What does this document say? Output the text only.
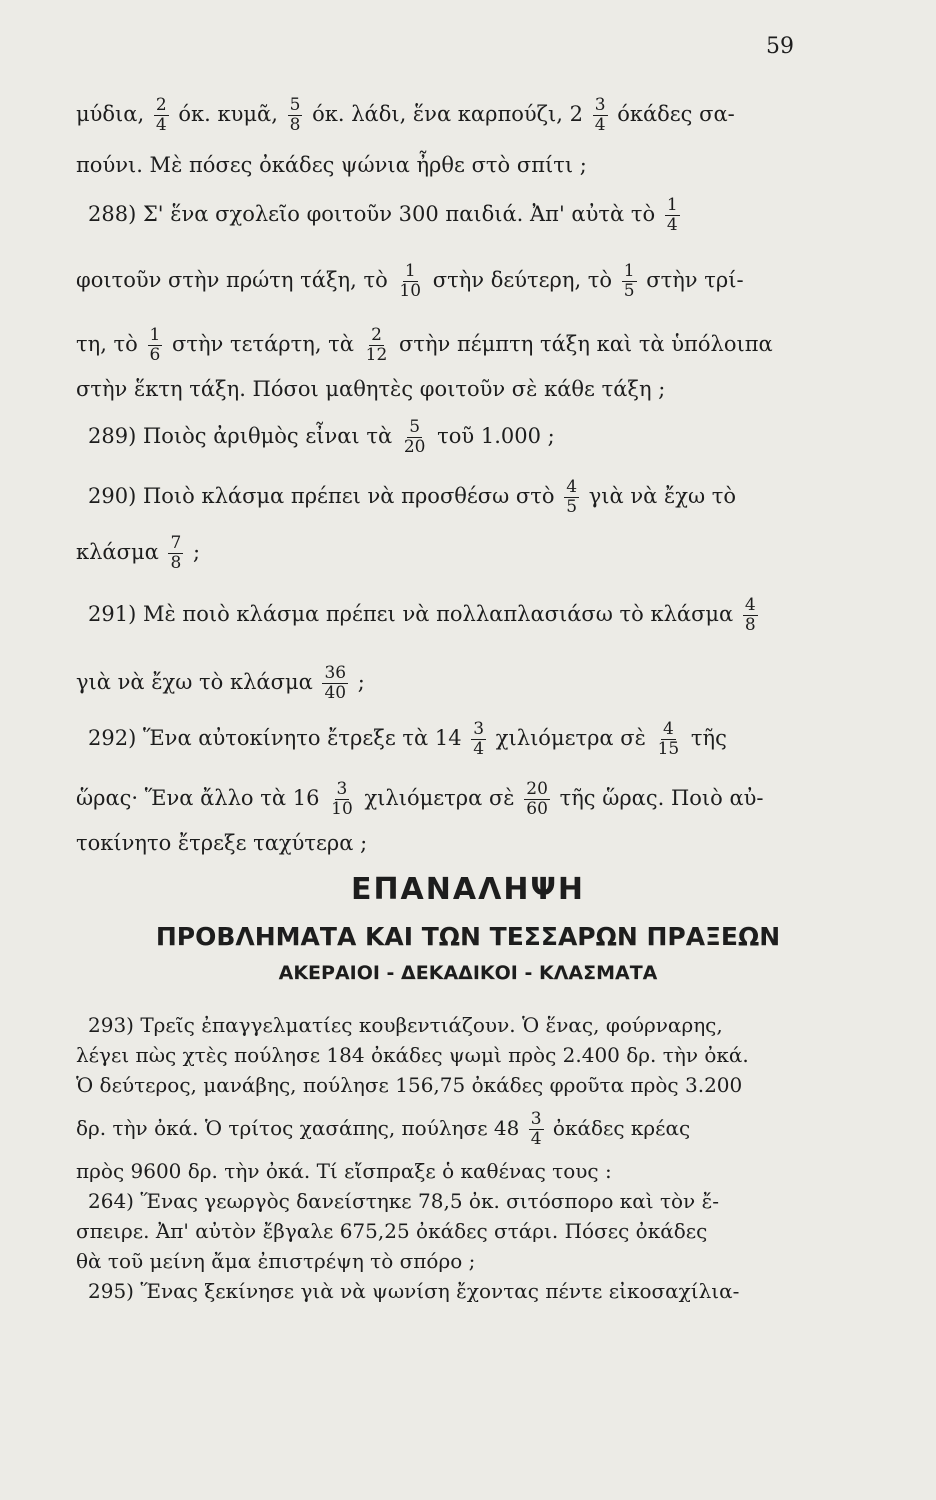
59
μύδια, $\frac{2}{4} ό\kappa$. κυμᾶ, $\frac{5}{8} ό\kappa$. λάδι, ἕνα καρπούζι, $2 \frac{3}{4}$ όκάδες σα-
πούνι. Μὲ πόσες ὀκάδες ψώνια ἦρθε στὸ σπίτι ;
288) Σ' ἕνα σχολεῖο φοιτοῦν 300 παιδιά. Ἀπ' αὐτὰ τὸ $\frac{1}{4}$
φοιτοῦν στὴν πρώτη τάξη, τὸ $\frac{1}{10}$ στὴν δεύτερη, τὸ $\frac{1}{5}$ στὴν τρί-
τη, τὸ $\frac{1}{6}$ στὴν τετάρτη, τὰ $\frac{2}{12}$ στὴν πέμπτη τάξη καὶ τὰ ὑπόλοιπα
στὴν ἕκτη τάξη. Πόσοι μαθητὲς φοιτοῦν σὲ κάθε τάξη ;
289) Ποιὸς ἀριθμὸς εἶναι τὰ $\frac{5}{20}$ τοῦ 1.000 ;
290) Ποιὸ κλάσμα πρέπει νὰ προσθέσω στὸ $\frac{4}{5}$ γιὰ νὰ ἔχω τὸ
κλάσμα $\frac{7}{8}$ ;
291) Μὲ ποιὸ κλάσμα πρέπει νὰ πολλαπλασιάσω τὸ κλάσμα $\frac{4}{8}$
γιὰ νὰ ἔχω τὸ κλάσμα $\frac{36}{40}$ ;
292) Ἕνα αὐτοκίνητο ἔτρεξε τὰ $14 \frac{3}{4}$ χιλιόμετρα σὲ $\frac{4}{15}$ τῆς
ὥρας· Ἕνα ἄλλο τὰ $16 \frac{3}{10}$ χιλιόμετρα σὲ $\frac{20}{60}$ τῆς ὥρας. Ποιὸ αὐ-
τοκίνητο ἔτρεξε ταχύτερα ;
ΕΠΑΝΑΛΗΨΗ
ΠΡΟΒΛΗΜΑΤΑ ΚΑΙ ΤΩΝ ΤΕΣΣΑΡΩΝ ΠΡΑΞΕΩΝ
ΑΚΕΡΑΙΟΙ - ΔΕΚΑΔΙΚΟΙ - ΚΛΑΣΜΑΤΑ
293) Τρεῖς ἐπαγγελματίες κουβεντιάζουν. Ὁ ἕνας, φούρναρης,
λέγει πὼς χτὲς πούλησε 184 ὀκάδες ψωμὶ πρὸς 2.400 δρ. τὴν ὀκά.
Ὁ δεύτερος, μανάβης, πούλησε 156,75 ὀκάδες φροῦτα πρὸς 3.200
δρ. τὴν ὀκά. Ὁ τρίτος χασάπης, πούλησε $48 \frac{3}{4}$ ὀκάδες κρέας
πρὸς 9600 δρ. τὴν ὀκά. Τί εἴσπραξε ὁ καθένας τους :
264) Ἕνας γεωργὸς δανείστηκε 78,5 ὀκ. σιτόσπορο καὶ τὸν ἔ-
σπειρε. Ἀπ' αὐτὸν ἔβγαλε 675,25 ὀκάδες στάρι. Πόσες ὀκάδες
θὰ τοῦ μείνη ἄμα ἐπιστρέψη τὸ σπόρο ;
295) Ἕνας ξεκίνησε γιὰ νὰ ψωνίση ἔχοντας πέντε εἰκοσαχίλια-
